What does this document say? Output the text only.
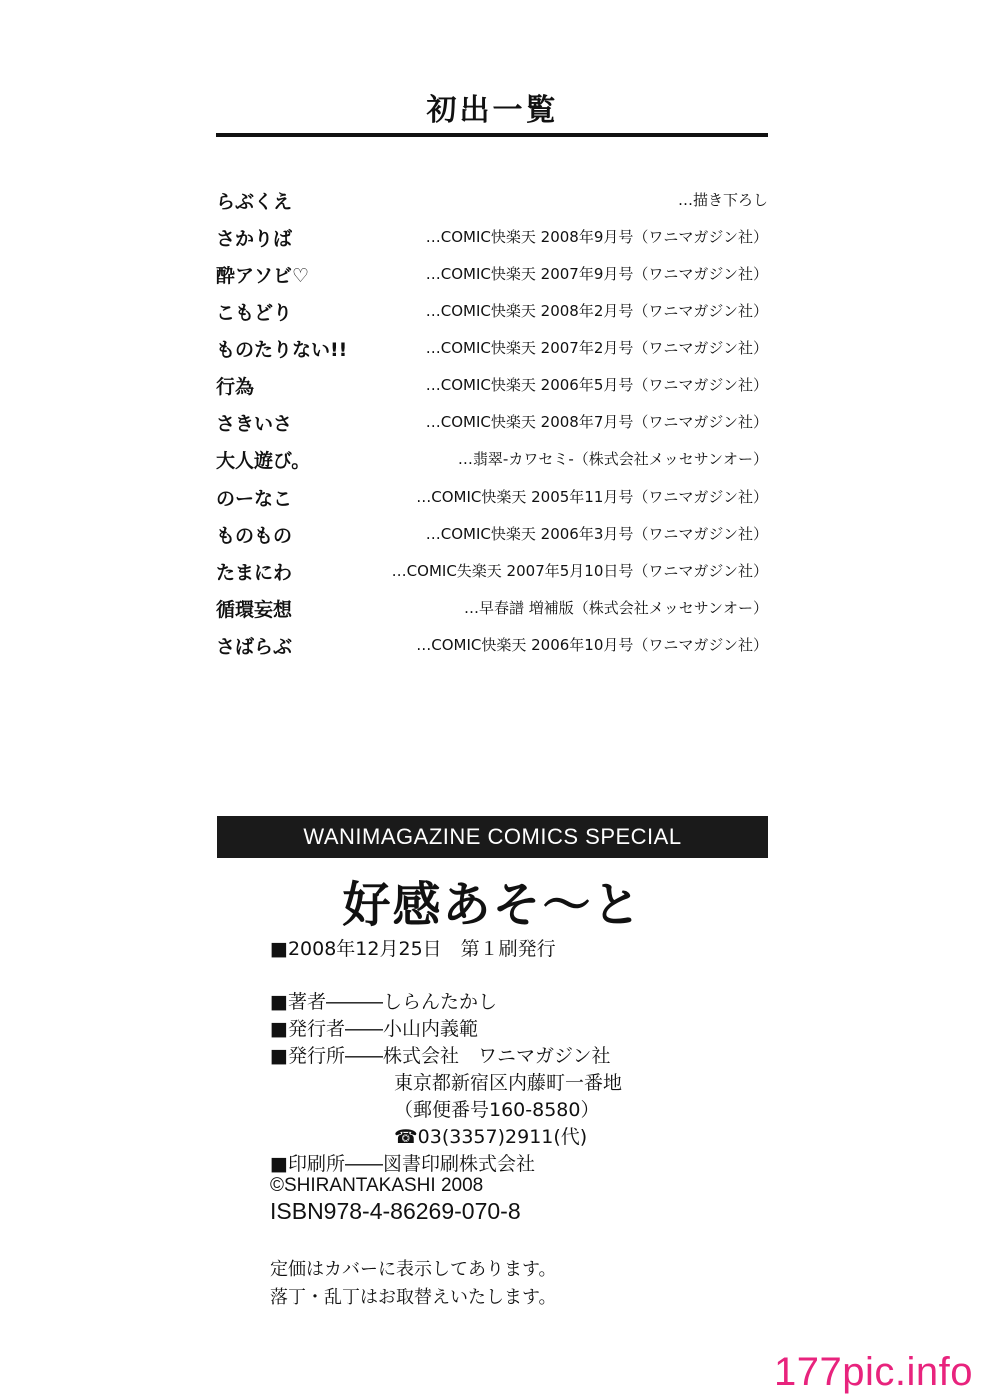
初出一覧
らぶくえ	…描き下ろし
さかりば	…COMIC快楽天 2008年9月号（ワニマガジン社）
酔アソビ♡	…COMIC快楽天 2007年9月号（ワニマガジン社）
こもどり	…COMIC快楽天 2008年2月号（ワニマガジン社）
ものたりない!!	…COMIC快楽天 2007年2月号（ワニマガジン社）
行為	…COMIC快楽天 2006年5月号（ワニマガジン社）
さきいさ	…COMIC快楽天 2008年7月号（ワニマガジン社）
大人遊び。	…翡翠-カワセミ-（株式会社メッセサンオー）
のーなこ	…COMIC快楽天 2005年11月号（ワニマガジン社）
ものもの	…COMIC快楽天 2006年3月号（ワニマガジン社）
たまにわ	…COMIC失楽天 2007年5月10日号（ワニマガジン社）
循環妄想	…早春譜 増補版（株式会社メッセサンオー）
さばらぶ	…COMIC快楽天 2006年10月号（ワニマガジン社）
WANIMAGAZINE COMICS SPECIAL
好感あそ〜と
■2008年12月25日　第１刷発行
■著者―――しらんたかし
■発行者――小山内義範
■発行所――株式会社　ワニマガジン社
東京都新宿区内藤町一番地
（郵便番号160-8580）
☎03(3357)2911(代)
■印刷所――図書印刷株式会社
©SHIRANTAKASHI 2008
ISBN978-4-86269-070-8
定価はカバーに表示してあります。
落丁・乱丁はお取替えいたします。
177pic.info
